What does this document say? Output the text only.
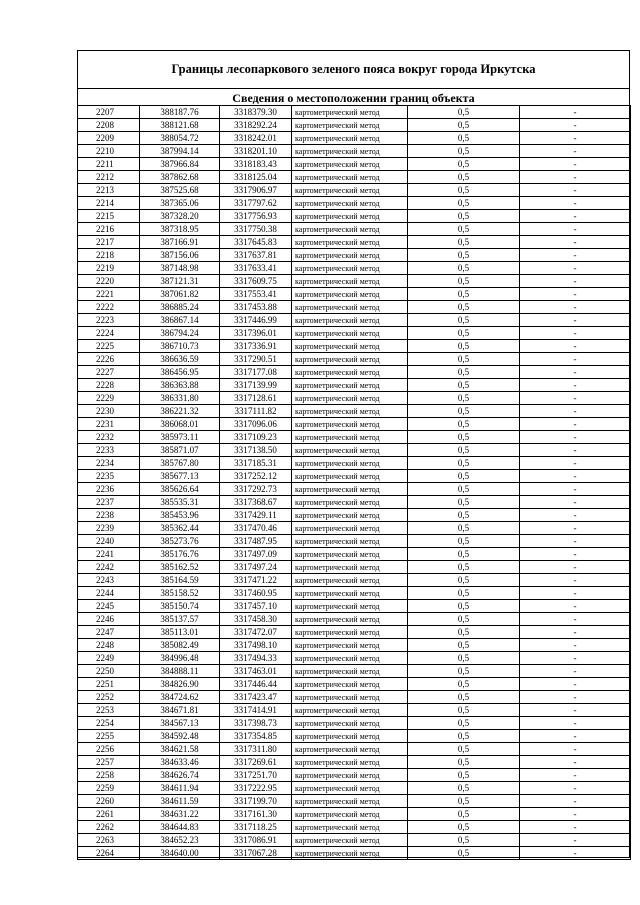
Границы лесопаркового зеленого пояса вокруг города Иркутска
Сведения о местоположении границ объекта
2207	388187.76	3318379.30	картометрический метод	0,5	-
2208	388121.68	3318292.24	картометрический метод	0,5	-
2209	388054.72	3318242.01	картометрический метод	0,5	-
2210	387994.14	3318201.10	картометрический метод	0,5	-
2211	387966.84	3318183.43	картометрический метод	0,5	-
2212	387862.68	3318125.04	картометрический метод	0,5	-
2213	387525.68	3317906.97	картометрический метод	0,5	-
2214	387365.06	3317797.62	картометрический метод	0,5	-
2215	387328.20	3317756.93	картометрический метод	0,5	-
2216	387318.95	3317750.38	картометрический метод	0,5	-
2217	387166.91	3317645.83	картометрический метод	0,5	-
2218	387156.06	3317637.81	картометрический метод	0,5	-
2219	387148.98	3317633.41	картометрический метод	0,5	-
2220	387121.31	3317609.75	картометрический метод	0,5	-
2221	387061.82	3317553.41	картометрический метод	0,5	-
2222	386885.24	3317453.88	картометрический метод	0,5	-
2223	386867.14	3317446.99	картометрический метод	0,5	-
2224	386794.24	3317396.01	картометрический метод	0,5	-
2225	386710.73	3317336.91	картометрический метод	0,5	-
2226	386636.59	3317290.51	картометрический метод	0,5	-
2227	386456.95	3317177.08	картометрический метод	0,5	-
2228	386363.88	3317139.99	картометрический метод	0,5	-
2229	386331.80	3317128.61	картометрический метод	0,5	-
2230	386221.32	3317111.82	картометрический метод	0,5	-
2231	386068.01	3317096.06	картометрический метод	0,5	-
2232	385973.11	3317109.23	картометрический метод	0,5	-
2233	385871.07	3317138.50	картометрический метод	0,5	-
2234	385767.80	3317185.31	картометрический метод	0,5	-
2235	385677.13	3317252.12	картометрический метод	0,5	-
2236	385626.64	3317292.73	картометрический метод	0,5	-
2237	385535.31	3317368.67	картометрический метод	0,5	-
2238	385453.96	3317429.11	картометрический метод	0,5	-
2239	385362.44	3317470.46	картометрический метод	0,5	-
2240	385273.76	3317487.95	картометрический метод	0,5	-
2241	385176.76	3317497.09	картометрический метод	0,5	-
2242	385162.52	3317497.24	картометрический метод	0,5	-
2243	385164.59	3317471.22	картометрический метод	0,5	-
2244	385158.52	3317460.95	картометрический метод	0,5	-
2245	385150.74	3317457.10	картометрический метод	0,5	-
2246	385137.57	3317458.30	картометрический метод	0,5	-
2247	385113.01	3317472.07	картометрический метод	0,5	-
2248	385082.49	3317498.10	картометрический метод	0,5	-
2249	384996.48	3317494.33	картометрический метод	0,5	-
2250	384888.11	3317463.01	картометрический метод	0,5	-
2251	384826.90	3317446.44	картометрический метод	0,5	-
2252	384724.62	3317423.47	картометрический метод	0,5	-
2253	384671.81	3317414.91	картометрический метод	0,5	-
2254	384567.13	3317398.73	картометрический метод	0,5	-
2255	384592.48	3317354.85	картометрический метод	0,5	-
2256	384621.58	3317311.80	картометрический метод	0,5	-
2257	384633.46	3317269.61	картометрический метод	0,5	-
2258	384626.74	3317251.70	картометрический метод	0,5	-
2259	384611.94	3317222.95	картометрический метод	0,5	-
2260	384611.59	3317199.70	картометрический метод	0,5	-
2261	384631.22	3317161.30	картометрический метод	0,5	-
2262	384644.83	3317118.25	картометрический метод	0,5	-
2263	384652.23	3317086.91	картометрический метод	0,5	-
2264	384640.00	3317067.28	картометрический метод	0,5	-
